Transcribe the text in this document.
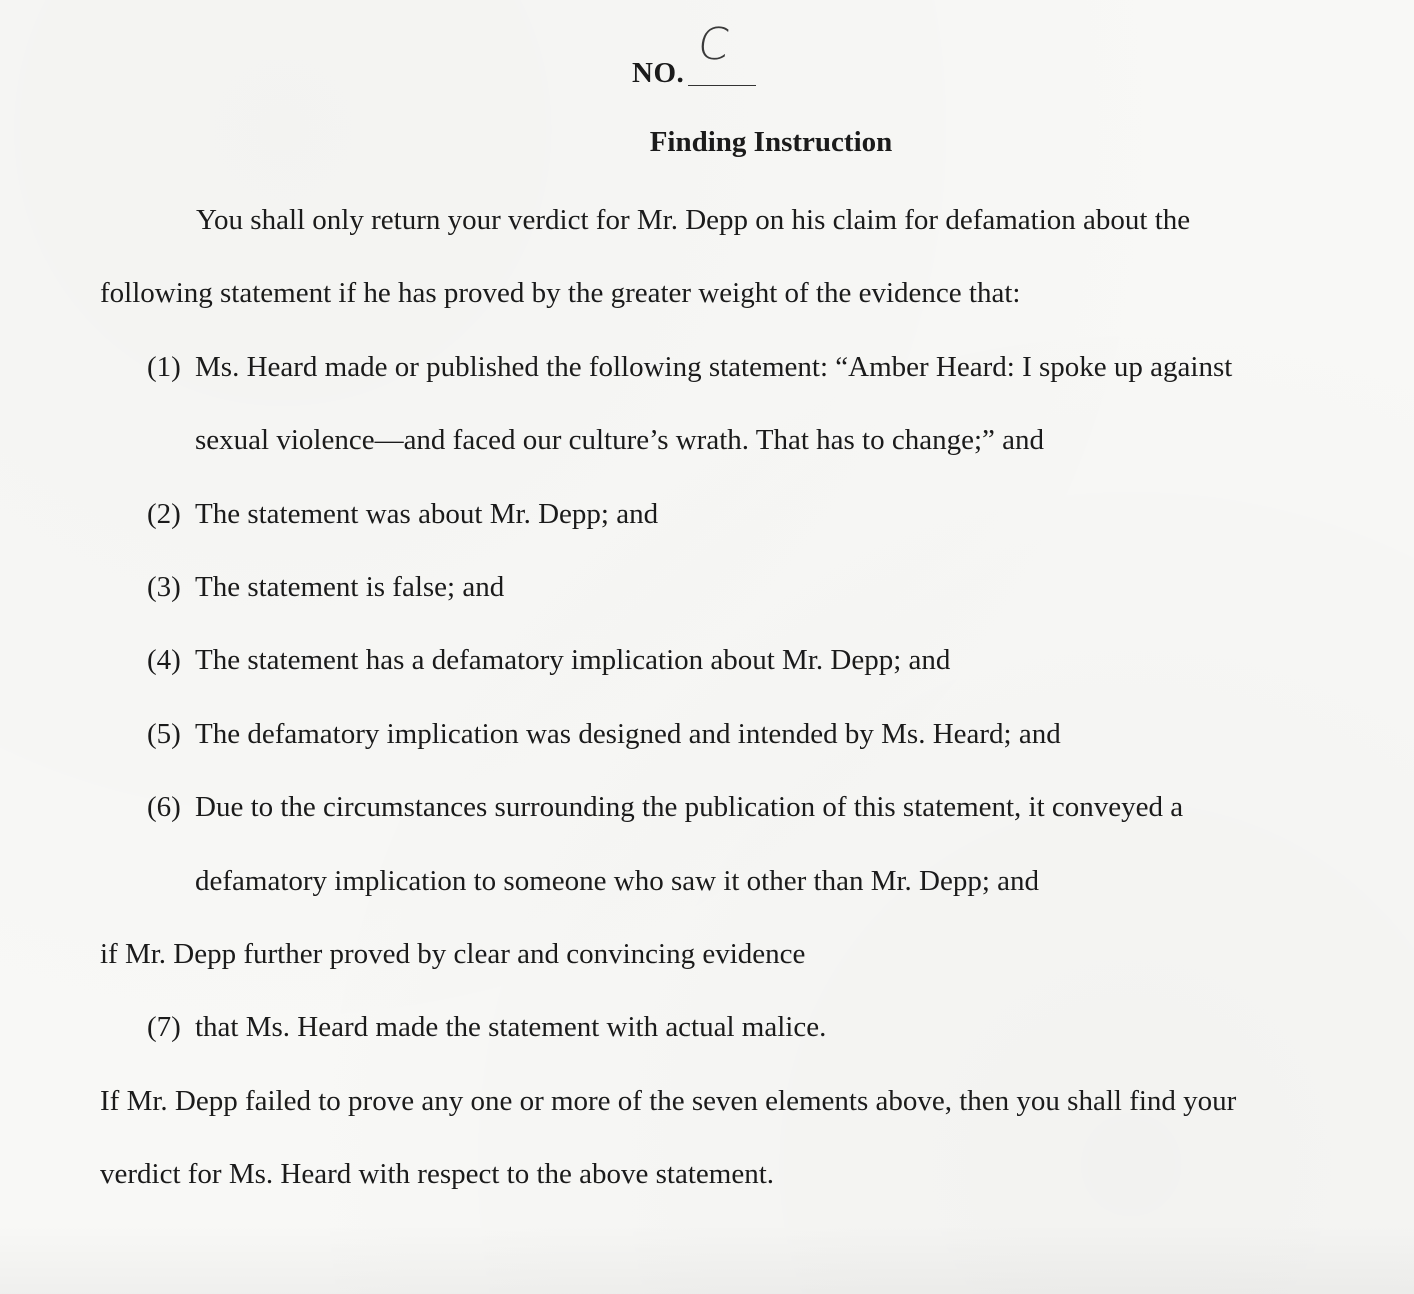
NO.
C
Finding Instruction
You shall only return your verdict for Mr. Depp on his claim for defamation about the
following statement if he has proved by the greater weight of the evidence that:
(1) Ms. Heard made or published the following statement: “Amber Heard: I spoke up against
sexual violence—and faced our culture’s wrath. That has to change;” and
(2) The statement was about Mr. Depp; and
(3) The statement is false; and
(4) The statement has a defamatory implication about Mr. Depp; and
(5) The defamatory implication was designed and intended by Ms. Heard; and
(6) Due to the circumstances surrounding the publication of this statement, it conveyed a
defamatory implication to someone who saw it other than Mr. Depp; and
if Mr. Depp further proved by clear and convincing evidence
(7) that Ms. Heard made the statement with actual malice.
If Mr. Depp failed to prove any one or more of the seven elements above, then you shall find your
verdict for Ms. Heard with respect to the above statement.
